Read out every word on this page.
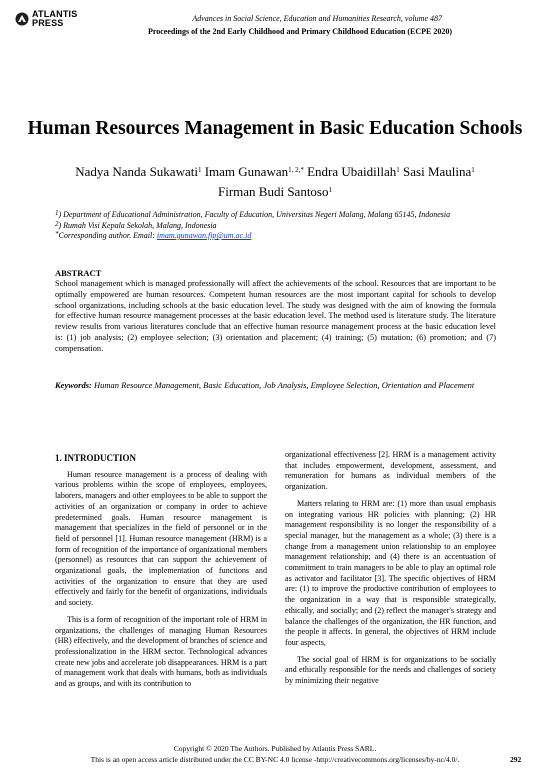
ATLANTIS
PRESS	Advances in Social Science, Education and Humanities Research, volume 487
Proceedings of the 2nd Early Childhood and Primary Childhood Education (ECPE 2020)
Human Resources Management in Basic Education Schools
Nadya Nanda Sukawati$^1$ Imam Gunawan$^{1, 2,*}$ Endra Ubaidillah$^1$ Sasi Maulina$^1$
Firman Budi Santoso$^1$
$^1$) Department of Educational Administration, Faculty of Education, Universitas Negeri Malang, Malang 65145, Indonesia
$^2$) Rumah Visi Kepala Sekolah, Malang, Indonesia
*Corresponding author. Email: imam.gunawan.fip@um.ac.id
ABSTRACT
School management which is managed professionally will affect the achievements of the school. Resources that are important to be optimally empowered are human resources. Competent human resources are the most important capital for schools to develop school organizations, including schools at the basic education level. The study was designed with the aim of knowing the formula for effective human resource management processes at the basic education level. The method used is literature study. The literature review results from various literatures conclude that an effective human resource management process at the basic education level is: (1) job analysis; (2) employee selection; (3) orientation and placement; (4) training; (5) mutation; (6) promotion; and (7) compensation.
Keywords: Human Resource Management, Basic Education, Job Analysis, Employee Selection, Orientation and Placement
1. INTRODUCTION

Human resource management is a process of dealing with various problems within the scope of employees, employees, laborers, managers and other employees to be able to support the activities of an organization or company in order to achieve predetermined goals. Human resource management is management that specializes in the field of personnel or in the field of personnel [1]. Human resource management (HRM) is a form of recognition of the importance of organizational members (personnel) as resources that can support the achievement of organizational goals, the implementation of functions and activities of the organization to ensure that they are used effectively and fairly for the benefit of organizations, individuals and society.

This is a form of recognition of the important role of HRM in organizations, the challenges of managing Human Resources (HR) effectively, and the development of branches of science and professionalization in the HRM sector. Technological advances create new jobs and accelerate job disappearances. HRM is a part of management work that deals with humans, both as individuals and as groups, and with its contribution to

organizational effectiveness [2]. HRM is a management activity that includes empowerment, development, assessment, and remuneration for humans as individual members of the organization.

Matters relating to HRM are: (1) more than usual emphasis on integrating various HR policies with planning; (2) HR management responsibility is no longer the responsibility of a special manager, but the management as a whole; (3) there is a change from a management union relationship to an employee management relationship; and (4) there is an accentuation of commitment to train managers to be able to play an optimal role as activator and facilitator [3]. The specific objectives of HRM are: (1) to improve the productive contribution of employees to the organization in a way that is responsible strategically, ethically, and socially; and (2) reflect the manager's strategy and balance the challenges of the organization, the HR function, and the people it affects. In general, the objectives of HRM include four aspects,

The social goal of HRM is for organizations to be socially and ethically responsible for the needs and challenges of society by minimizing their negative

Copyright © 2020 The Authors. Published by Atlantis Press SARL.
This is an open access article distributed under the CC BY-NC 4.0 license -http://creativecommons.org/licenses/by-nc/4.0/.	292
